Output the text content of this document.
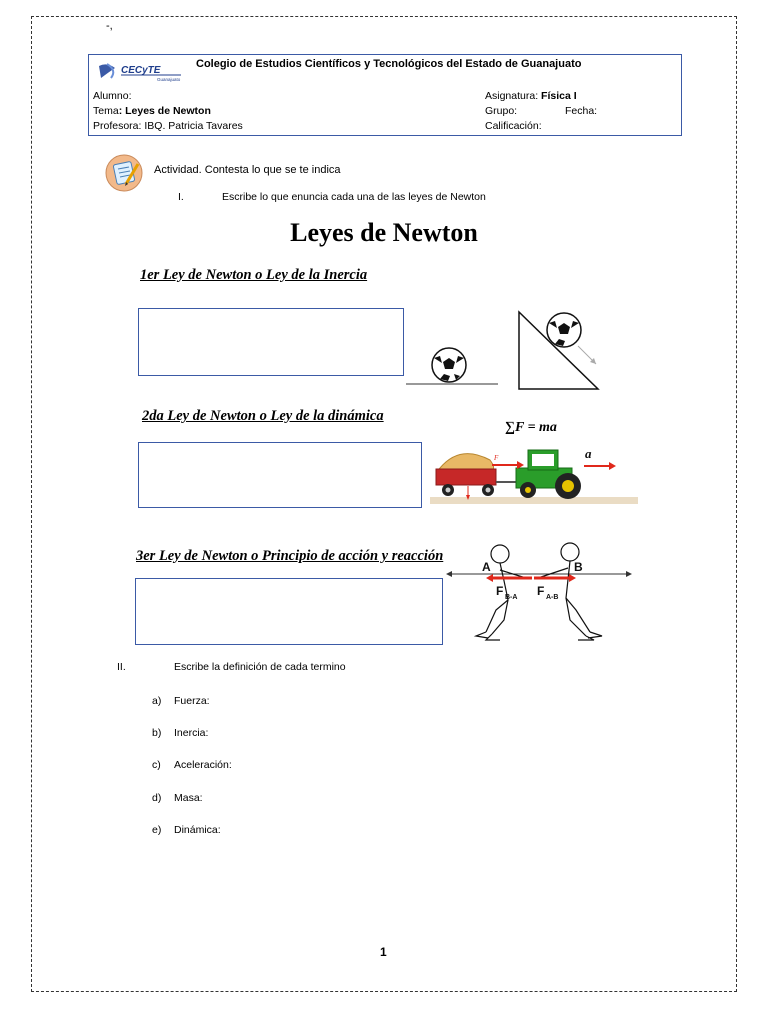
-,
CECyTE
Guanajuato
Colegio de Estudios Científicos y Tecnológicos del Estado de Guanajuato
Alumno:
Tema: Leyes de Newton
Profesora: IBQ. Patricia Tavares
Asignatura: Física I
Grupo:	Fecha:
Calificación:
Actividad. Contesta lo que se te indica
I.	Escribe lo que enuncia cada una de las leyes de Newton
Leyes de Newton
1er Ley de Newton o Ley de la Inercia
2da Ley de Newton o Ley de la dinámica
∑F = ma⃗
F	a⃗
3er Ley de Newton o Principio de acción y reacción
A	B
F B-A F A-B
II.	Escribe la definición de cada termino
a) Fuerza:
b) Inercia:
c) Aceleración:
d) Masa:
e) Dinámica:
1
